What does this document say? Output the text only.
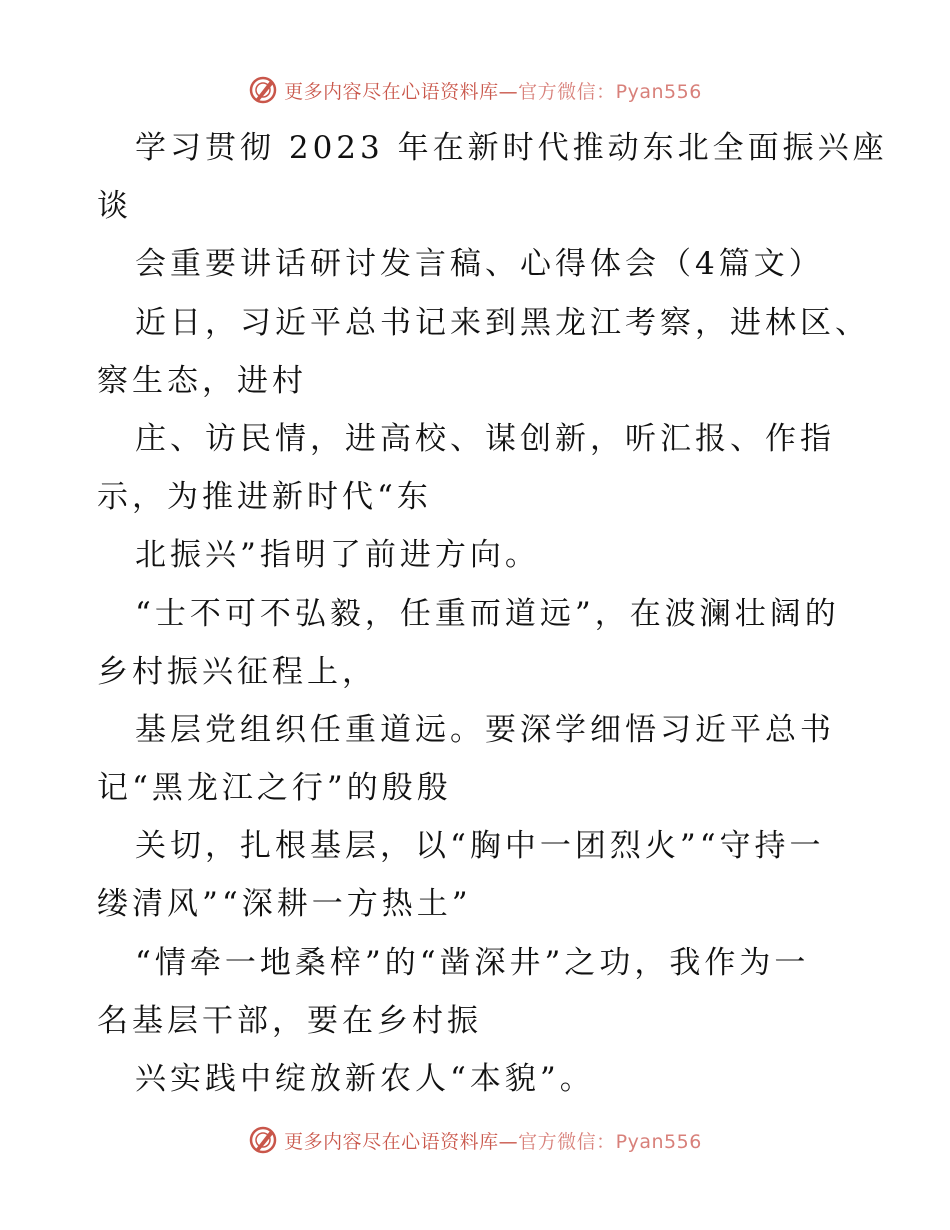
更多内容尽在心语资料库—官方微信：Pyan556
学习贯彻 2023 年在新时代推动东北全面振兴座
谈
会重要讲话研讨发言稿、心得体会（4篇文）
近日，习近平总书记来到黑龙江考察，进林区、
察生态，进村
庄、访民情，进高校、谋创新，听汇报、作指
示，为推进新时代“东
北振兴”指明了前进方向。
“士不可不弘毅，任重而道远”，在波澜壮阔的
乡村振兴征程上，
基层党组织任重道远。要深学细悟习近平总书
记“黑龙江之行”的殷殷
关切，扎根基层，以“胸中一团烈火”“守持一
缕清风”“深耕一方热土”
“情牵一地桑梓”的“凿深井”之功，我作为一
名基层干部，要在乡村振
兴实践中绽放新农人“本貌”。
更多内容尽在心语资料库—官方微信：Pyan556
